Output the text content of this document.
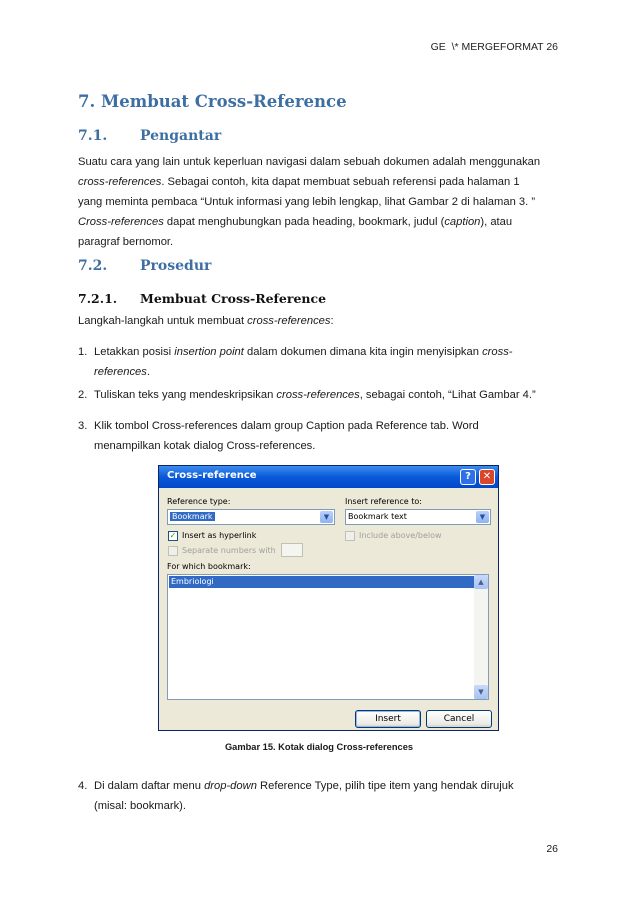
GE  \* MERGEFORMAT 26
7. Membuat Cross-Reference
7.1. Pengantar

Suatu cara yang lain untuk keperluan navigasi dalam sebuah dokumen adalah menggunakan

cross-references. Sebagai contoh, kita dapat membuat sebuah referensi pada halaman 1

yang meminta pembaca “Untuk informasi yang lebih lengkap, lihat Gambar 2 di halaman 3. ”

Cross-references dapat menghubungkan pada heading, bookmark, judul (caption), atau

paragraf bernomor.

7.2. Prosedur
7.2.1. Membuat Cross-Reference

Langkah-langkah untuk membuat cross-references:

1. Letakkan posisi insertion point dalam dokumen dimana kita ingin menyisipkan cross-
references.
2. Tuliskan teks yang mendeskripsikan cross-references, sebagai contoh, “Lihat Gambar 4.”
3. Klik tombol Cross-references dalam group Caption pada Reference tab. Word
menampilkan kotak dialog Cross-references.
Cross-reference	?	✕
Reference type:
Bookmark	▼
Insert reference to:
Bookmark text	▼
✓ Insert as hyperlink	Include above/below
Separate numbers with
For which bookmark:
Embriologi	▲
▼
Insert	Cancel
Gambar 15. Kotak dialog Cross-references
4. Di dalam daftar menu drop-down Reference Type, pilih tipe item yang hendak dirujuk
(misal: bookmark).
26
